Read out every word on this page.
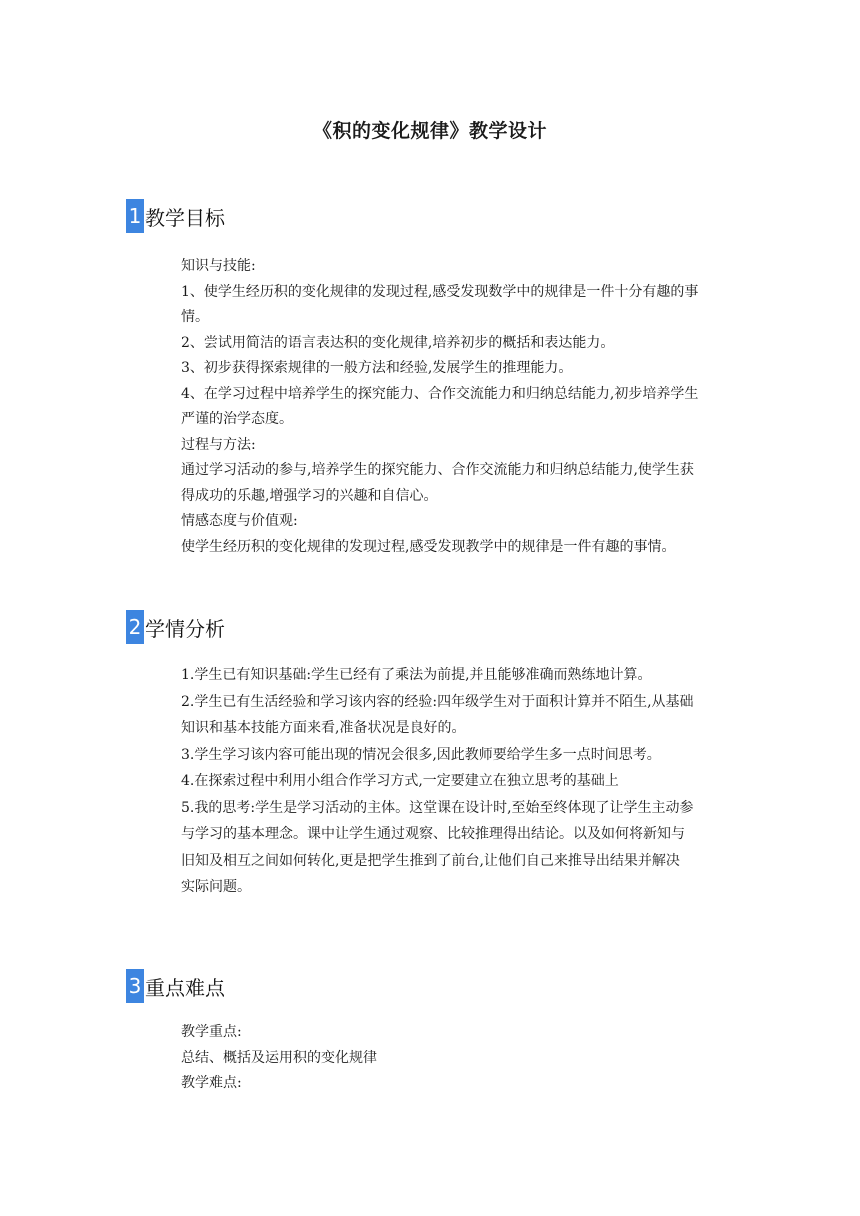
《积的变化规律》教学设计
1 教学目标

知识与技能:

1、使学生经历积的变化规律的发现过程,感受发现数学中的规律是一件十分有趣的事

情。

2、尝试用简洁的语言表达积的变化规律,培养初步的概括和表达能力。

3、初步获得探索规律的一般方法和经验,发展学生的推理能力。

4、在学习过程中培养学生的探究能力、合作交流能力和归纳总结能力,初步培养学生

严谨的治学态度。

过程与方法:

通过学习活动的参与,培养学生的探究能力、合作交流能力和归纳总结能力,使学生获

得成功的乐趣,增强学习的兴趣和自信心。

情感态度与价值观:

使学生经历积的变化规律的发现过程,感受发现教学中的规律是一件有趣的事情。

2 学情分析

1.学生已有知识基础:学生已经有了乘法为前提,并且能够准确而熟练地计算。

2.学生已有生活经验和学习该内容的经验:四年级学生对于面积计算并不陌生,从基础

知识和基本技能方面来看,准备状况是良好的。

3.学生学习该内容可能出现的情况会很多,因此教师要给学生多一点时间思考。

4.在探索过程中利用小组合作学习方式,一定要建立在独立思考的基础上

5.我的思考:学生是学习活动的主体。这堂课在设计时,至始至终体现了让学生主动参

与学习的基本理念。课中让学生通过观察、比较推理得出结论。以及如何将新知与

旧知及相互之间如何转化,更是把学生推到了前台,让他们自己来推导出结果并解决

实际问题。

3 重点难点

教学重点:

总结、概括及运用积的变化规律

教学难点:
